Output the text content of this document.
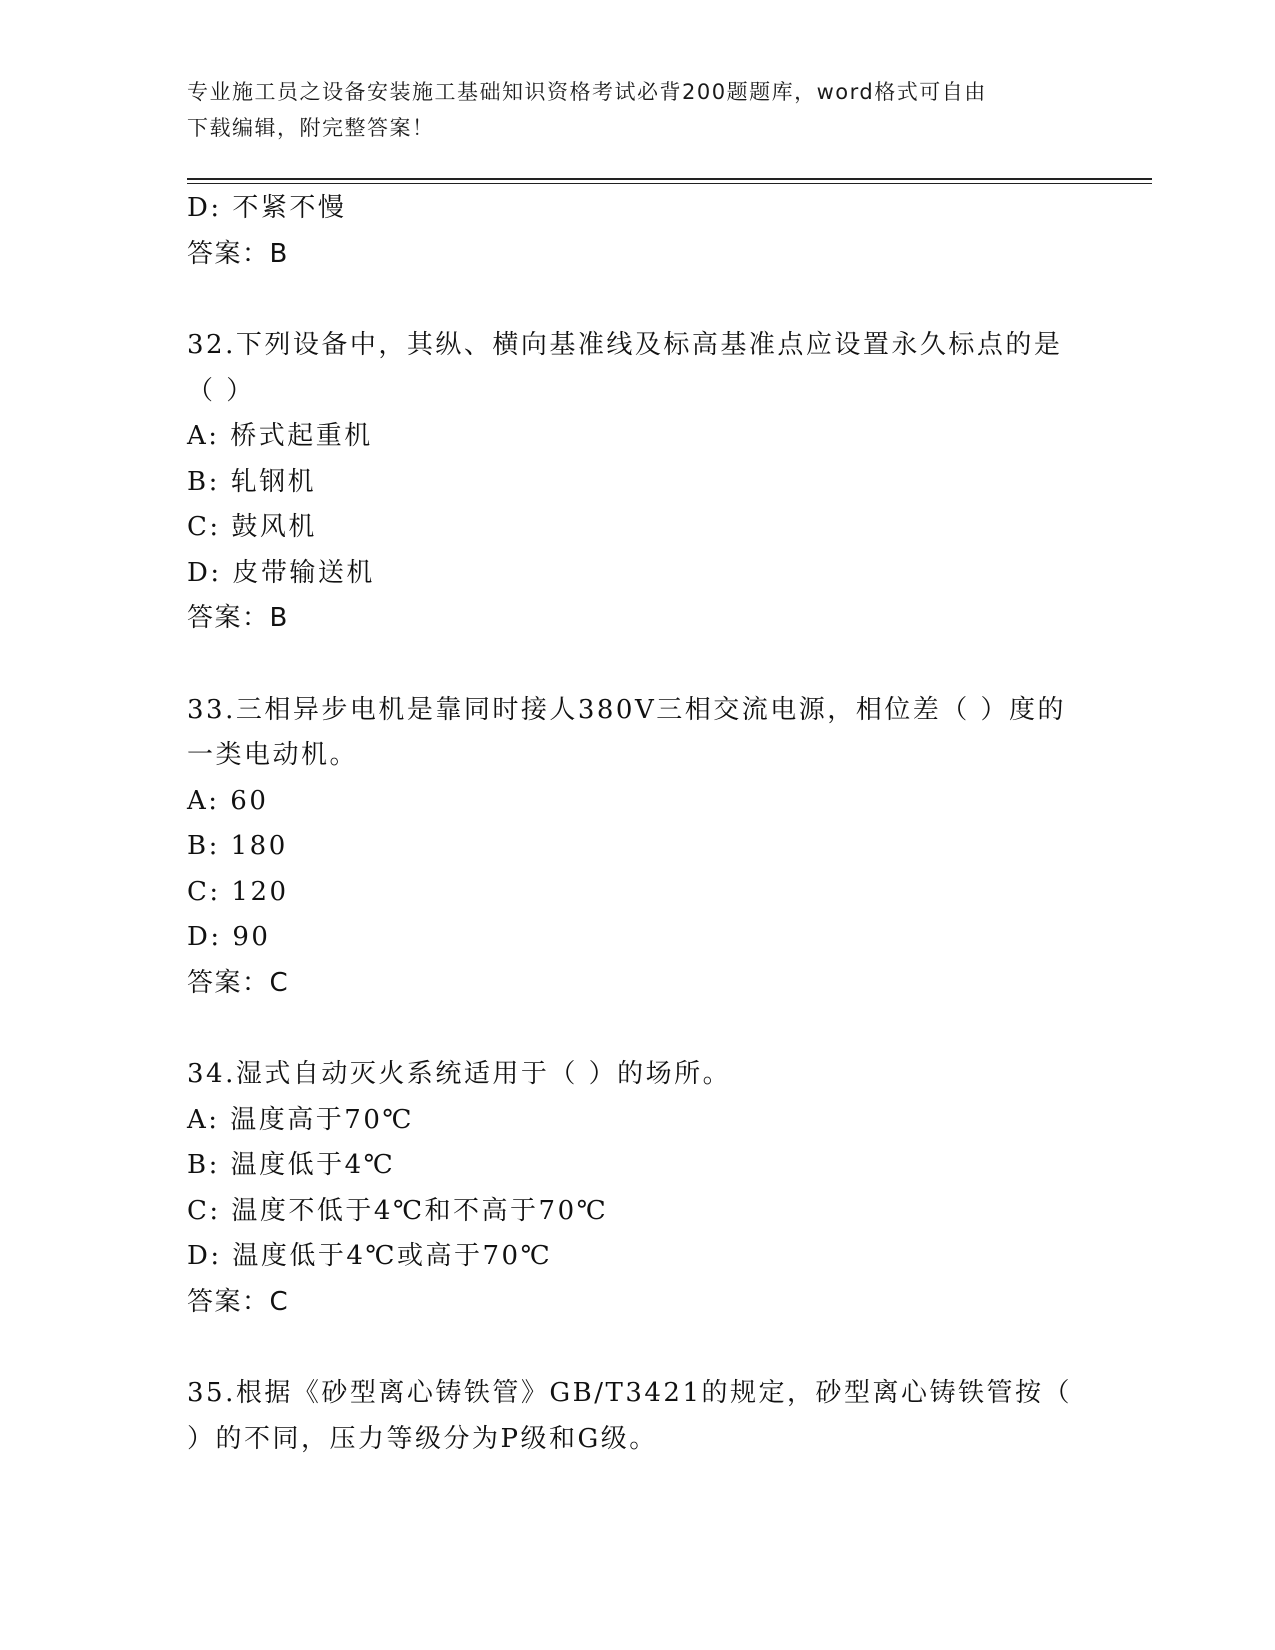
专业施工员之设备安装施工基础知识资格考试必背200题题库，word格式可自由
下载编辑，附完整答案！
D: 不紧不慢
答案：B
32.下列设备中，其纵、横向基准线及标高基准点应设置永久标点的是
（ ）
A: 桥式起重机
B: 轧钢机
C: 鼓风机
D: 皮带输送机
答案：B
33.三相异步电机是靠同时接人380V三相交流电源，相位差（ ）度的
一类电动机。
A: 60
B: 180
C: 120
D: 90
答案：C
34.湿式自动灭火系统适用于（ ）的场所。
A: 温度高于70℃
B: 温度低于4℃
C: 温度不低于4℃和不高于70℃
D: 温度低于4℃或高于70℃
答案：C
35.根据《砂型离心铸铁管》GB/T3421的规定，砂型离心铸铁管按（
）的不同，压力等级分为P级和G级。
